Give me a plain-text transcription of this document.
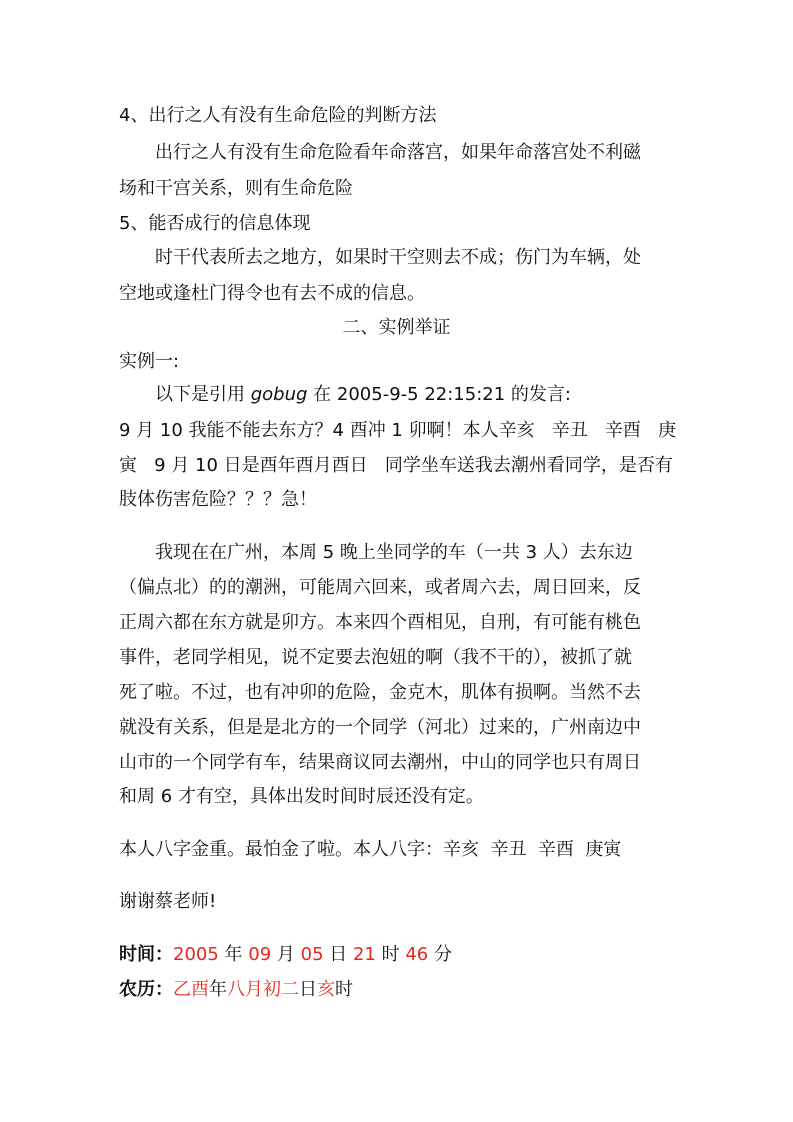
4、出行之人有没有生命危险的判断方法
出行之人有没有生命危险看年命落宫，如果年命落宫处不利磁
场和干宫关系，则有生命危险
5、能否成行的信息体现
时干代表所去之地方，如果时干空则去不成；伤门为车辆，处
空地或逢杜门得令也有去不成的信息。
二、实例举证
实例一:
以下是引用 gobug 在 2005-9-5 22:15:21 的发言:
9 月 10 我能不能去东方？4 酉冲 1 卯啊！本人辛亥   辛丑   辛酉   庚
寅   9 月 10 日是酉年酉月酉日   同学坐车送我去潮州看同学，是否有
肢体伤害危险？？？急！
我现在在广州，本周 5 晚上坐同学的车（一共 3 人）去东边
（偏点北）的的潮洲，可能周六回来，或者周六去，周日回来，反
正周六都在东方就是卯方。本来四个酉相见，自刑，有可能有桃色
事件，老同学相见，说不定要去泡妞的啊（我不干的），被抓了就
死了啦。不过，也有冲卯的危险，金克木，肌体有损啊。当然不去
就没有关系，但是是北方的一个同学（河北）过来的，广州南边中
山市的一个同学有车，结果商议同去潮州，中山的同学也只有周日
和周 6 才有空，具体出发时间时辰还没有定。
本人八字金重。最怕金了啦。本人八字：辛亥  辛丑  辛酉  庚寅
谢谢蔡老师!
时间：2005 年 09 月 05 日 21 时 46 分
农历：乙酉年八月初二日亥时
